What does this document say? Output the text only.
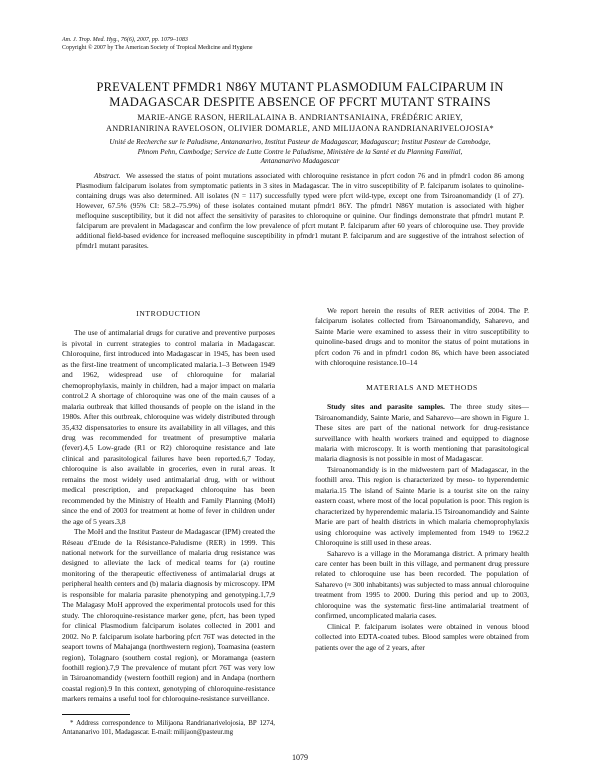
Am. J. Trop. Med. Hyg., 76(6), 2007, pp. 1079–1083
Copyright © 2007 by The American Society of Tropical Medicine and Hygiene
PREVALENT PFMDR1 N86Y MUTANT PLASMODIUM FALCIPARUM IN
MADAGASCAR DESPITE ABSENCE OF PFCRT MUTANT STRAINS
MARIE-ANGE RASON, HERILALAINA B. ANDRIANTSANIAINA, FRÉDÉRIC ARIEY,
ANDRIANIRINA RAVELOSON, OLIVIER DOMARLE, AND MILIJAONA RANDRIANARIVELOJOSIA*
Unité de Recherche sur le Paludisme, Antananarivo, Institut Pasteur de Madagascar, Madagascar; Institut Pasteur de Cambodge,
Phnom Pehn, Cambodge; Service de Lutte Contre le Paludisme, Ministère de la Santé et du Planning Familial,
Antananarivo Madagascar
Abstract. We assessed the status of point mutations associated with chloroquine resistance in pfcrt codon 76 and in pfmdr1 codon 86 among Plasmodium falciparum isolates from symptomatic patients in 3 sites in Madagascar. The in vitro susceptibility of P. falciparum isolates to quinoline-containing drugs was also determined. All isolates (N = 117) successfully typed were pfcrt wild-type, except one from Tsiroanomandidy (1 of 27). However, 67.5% (95% CI: 58.2–75.9%) of these isolates contained mutant pfmdr1 86Y. The pfmdr1 N86Y mutation is associated with higher mefloquine susceptibility, but it did not affect the sensitivity of parasites to chloroquine or quinine. Our findings demonstrate that pfmdr1 mutant P. falciparum are prevalent in Madagascar and confirm the low prevalence of pfcrt mutant P. falciparum after 60 years of chloroquine use. They provide additional field-based evidence for increased mefloquine susceptibility in pfmdr1 mutant P. falciparum and are suggestive of the intrahost selection of pfmdr1 mutant parasites.
INTRODUCTION

The use of antimalarial drugs for curative and preventive purposes is pivotal in current strategies to control malaria in Madagascar. Chloroquine, first introduced into Madagascar in 1945, has been used as the first-line treatment of uncomplicated malaria.1–3 Between 1949 and 1962, widespread use of chloroquine for malarial chemoprophylaxis, mainly in children, had a major impact on malaria control.2 A shortage of chloroquine was one of the main causes of a malaria outbreak that killed thousands of people on the island in the 1980s. After this outbreak, chloroquine was widely distributed through 35,432 dispensatories to ensure its availability in all villages, and this drug was recommended for treatment of presumptive malaria (fever).4,5 Low-grade (R1 or R2) chloroquine resistance and late clinical and parasitological failures have been reported.6,7 Today, chloroquine is also available in groceries, even in rural areas. It remains the most widely used antimalarial drug, with or without medical prescription, and prepackaged chloroquine has been recommended by the Ministry of Health and Family Planning (MoH) since the end of 2003 for treatment at home of fever in children under the age of 5 years.3,8

The MoH and the Institut Pasteur de Madagascar (IPM) created the Réseau d'Etude de la Résistance-Paludisme (RER) in 1999. This national network for the surveillance of malaria drug resistance was designed to alleviate the lack of medical teams for (a) routine monitoring of the therapeutic effectiveness of antimalarial drugs at peripheral health centers and (b) malaria diagnosis by microscopy. IPM is responsible for malaria parasite phenotyping and genotyping.1,7,9 The Malagasy MoH approved the experimental protocols used for this study. The chloroquine-resistance marker gene, pfcrt, has been typed for clinical Plasmodium falciparum isolates collected in 2001 and 2002. No P. falciparum isolate harboring pfcrt 76T was detected in the seaport towns of Mahajanga (northwestern region), Toamasina (eastern region), Tolagnaro (southern costal region), or Moramanga (eastern foothill region).7,9 The prevalence of mutant pfcrt 76T was very low in Tsiroanomandidy (western foothill region) and in Andapa (northern coastal region).9 In this context, genotyping of chloroquine-resistance markers remains a useful tool for chloroquine-resistance surveillance.

We report herein the results of RER activities of 2004. The P. falciparum isolates collected from Tsiroanomandidy, Saharevo, and Sainte Marie were examined to assess their in vitro susceptibility to quinoline-based drugs and to monitor the status of point mutations in pfcrt codon 76 and in pfmdr1 codon 86, which have been associated with chloroquine resistance.10–14

MATERIALS AND METHODS

Study sites and parasite samples. The three study sites—Tsiroanomandidy, Sainte Marie, and Saharevo—are shown in Figure 1. These sites are part of the national network for drug-resistance surveillance with health workers trained and equipped to diagnose malaria with microscopy. It is worth mentioning that parasitological malaria diagnosis is not possible in most of Madagascar.

Tsiroanomandidy is in the midwestern part of Madagascar, in the foothill area. This region is characterized by meso- to hyperendemic malaria.15 The island of Sainte Marie is a tourist site on the rainy eastern coast, where most of the local population is poor. This region is characterized by hyperendemic malaria.15 Tsiroanomandidy and Sainte Marie are part of health districts in which malaria chemoprophylaxis using chloroquine was actively implemented from 1949 to 1962.2 Chloroquine is still used in these areas.

Saharevo is a village in the Moramanga district. A primary health care center has been built in this village, and permanent drug pressure related to chloroquine use has been recorded. The population of Saharevo (≈ 300 inhabitants) was subjected to mass annual chloroquine treatment from 1995 to 2000. During this period and up to 2003, chloroquine was the systematic first-line antimalarial treatment of confirmed, uncomplicated malaria cases.

Clinical P. falciparum isolates were obtained in venous blood collected into EDTA-coated tubes. Blood samples were obtained from patients over the age of 2 years, after

* Address correspondence to Milijaona Randrianarivelojosia, BP 1274, Antananarivo 101, Madagascar. E-mail: milijaon@pasteur.mg
1079
